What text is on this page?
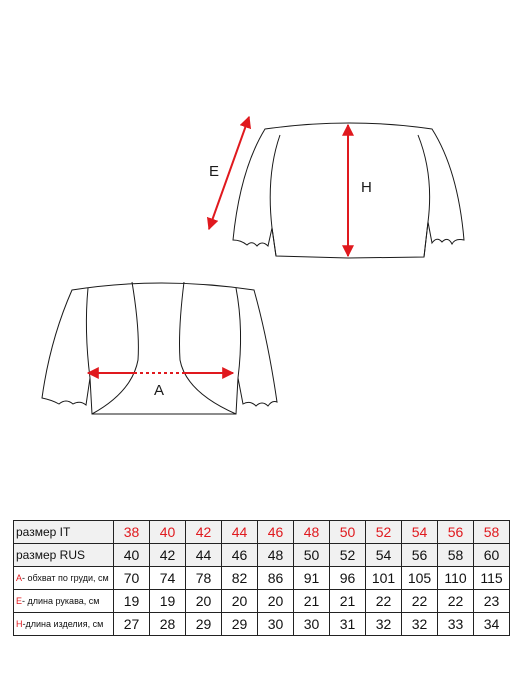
E
H
A
размер IT	38	40	42	44	46	48	50	52	54	56	58
размер RUS	40	42	44	46	48	50	52	54	56	58	60
А- обхват по груди, см	70	74	78	82	86	91	96	101	105	110	115
Е- длина рукава, см	19	19	20	20	20	21	21	22	22	22	23
Н-длина изделия, см	27	28	29	29	30	30	31	32	32	33	34
